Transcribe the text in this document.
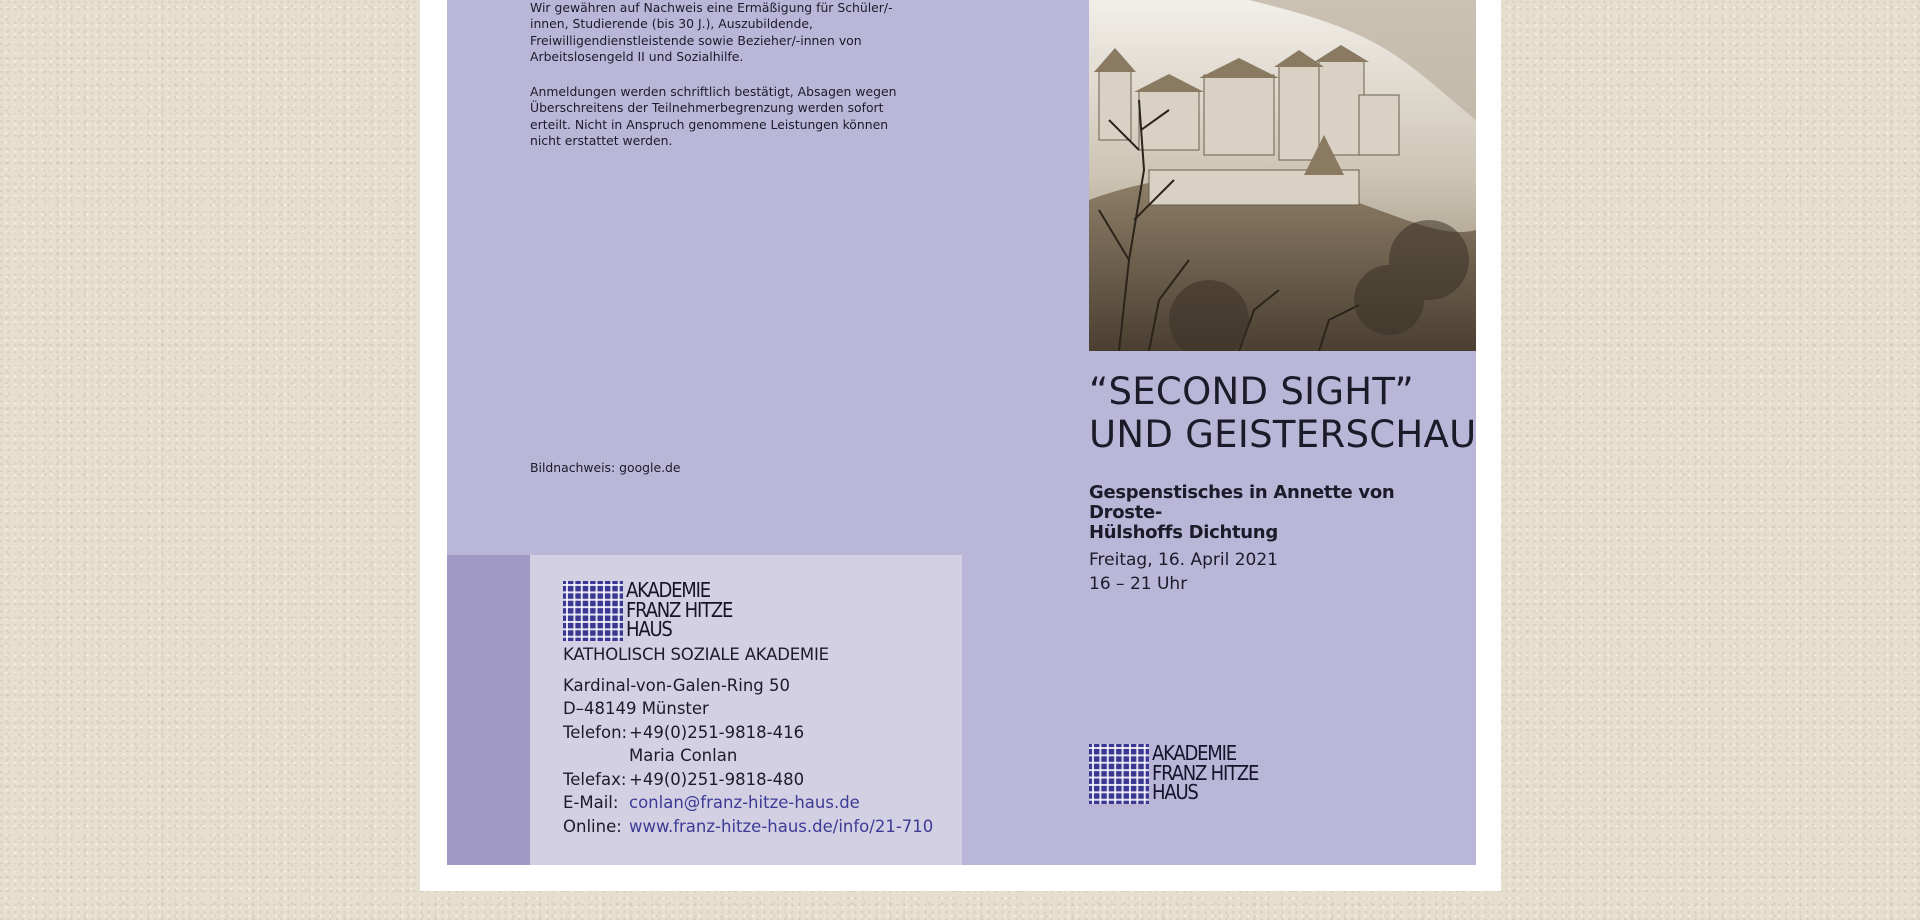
Wir gewähren auf Nachweis eine Ermäßigung für Schüler/-innen, Studierende (bis 30 J.), Auszubildende, Freiwilligendienstleistende sowie Bezieher/-innen von Arbeitslosengeld II und Sozialhilfe.

Anmeldungen werden schriftlich bestätigt, Absagen wegen Überschreitens der Teilnehmerbegrenzung werden sofort erteilt. Nicht in Anspruch genommene Leistungen können nicht erstattet werden.

Bildnachweis: google.de
AKADEMIE
FRANZ HITZE
HAUS
KATHOLISCH SOZIALE AKADEMIE
Kardinal-von-Galen-Ring 50
D–48149 Münster
Telefon: +49(0)251-9818-416
Maria Conlan
Telefax: +49(0)251-9818-480
E-Mail: conlan@franz-hitze-haus.de
Online: www.franz-hitze-haus.de/info/21-710
“SECOND SIGHT”
UND GEISTERSCHAU
Gespenstisches in Annette von Droste-
Hülshoffs Dichtung
Freitag, 16. April 2021
16 – 21 Uhr
AKADEMIE
FRANZ HITZE
HAUS
